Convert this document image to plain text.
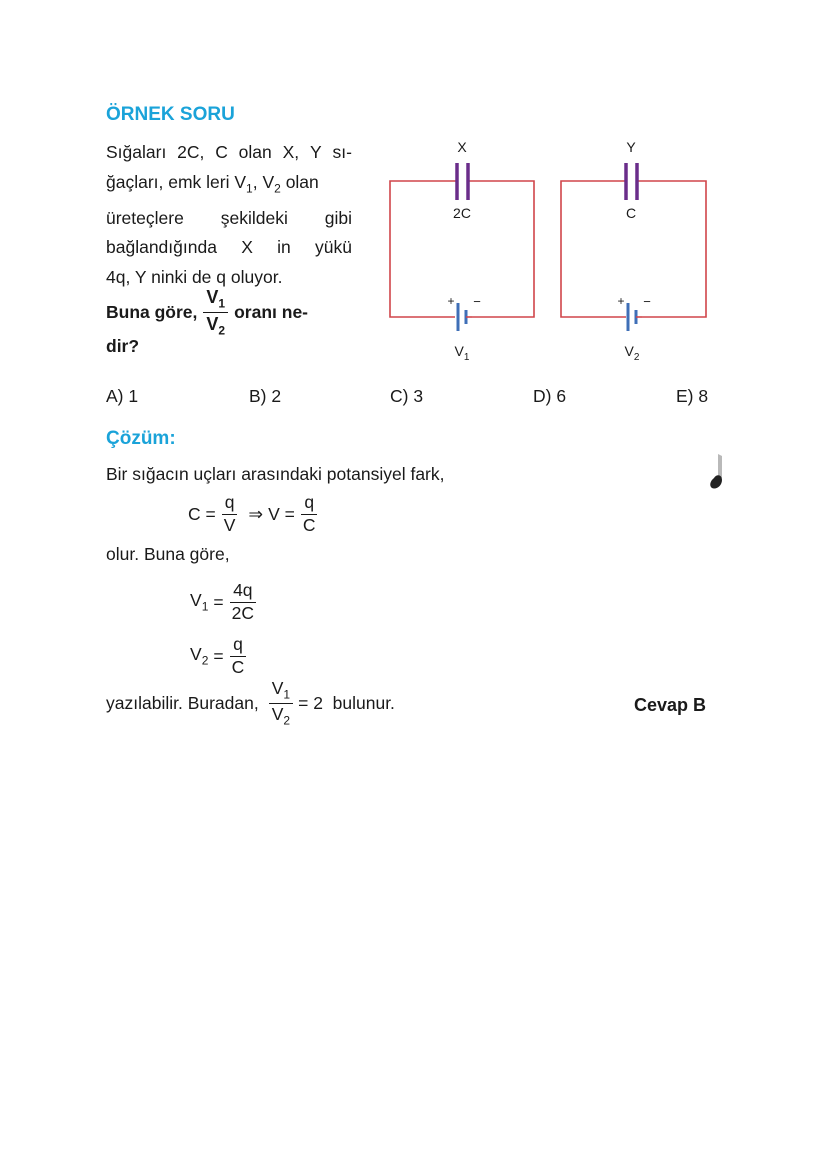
ÖRNEK SORU
Sığaları 2C, C olan X, Y sı-
ğaçları, emk leri $V_1$, $V_2$ olan
üreteçlere şekildeki gibi
bağlandığında X in yükü
4q, Y ninki de q oluyor.
Buna göre, $\frac{V_1}{V_2}$ oranı ne-
dir?
X
2C
+ −
$V_1$
Y
C
+ −
$V_2$
A) 1	B) 2	C) 3	D) 6	E) 8
Çözüm:
Bir sığacın uçları arasındaki potansiyel fark,
$C = \frac{q}{V}$ ⇒ $V = \frac{q}{C}$
olur. Buna göre,
$V_1 = \frac{4q}{2C}$
$V_2 = \frac{q}{C}$
yazılabilir. Buradan, $\frac{V_1}{V_2} = 2$  bulunur.	Cevap B
